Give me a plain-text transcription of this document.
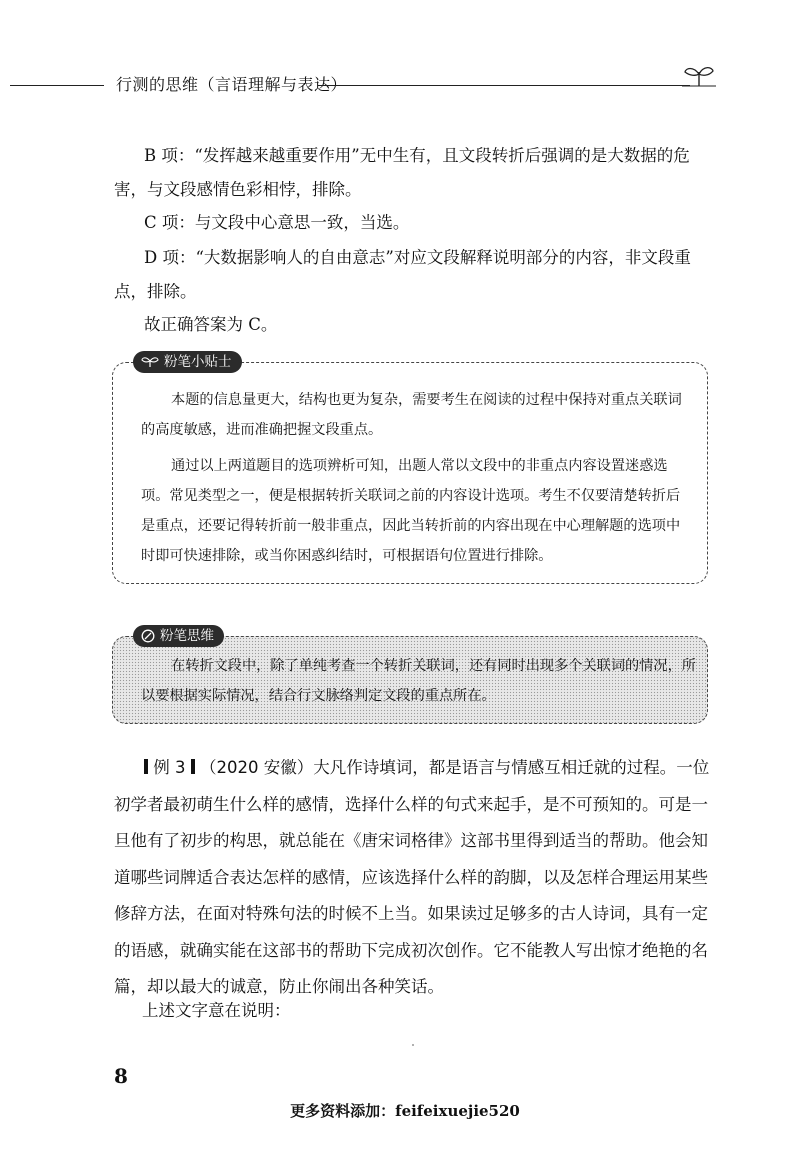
行测的思维（言语理解与表达）

B 项：“发挥越来越重要作用”无中生有，且文段转折后强调的是大数据的危害，与文段感情色彩相悖，排除。

C 项：与文段中心意思一致，当选。

D 项：“大数据影响人的自由意志”对应文段解释说明部分的内容，非文段重点，排除。

故正确答案为 C。

粉笔小贴士

本题的信息量更大，结构也更为复杂，需要考生在阅读的过程中保持对重点关联词的高度敏感，进而准确把握文段重点。

通过以上两道题目的选项辨析可知，出题人常以文段中的非重点内容设置迷惑选项。常见类型之一，便是根据转折关联词之前的内容设计选项。考生不仅要清楚转折后是重点，还要记得转折前一般非重点，因此当转折前的内容出现在中心理解题的选项中时即可快速排除，或当你困惑纠结时，可根据语句位置进行排除。

粉笔思维

在转折文段中，除了单纯考查一个转折关联词，还有同时出现多个关联词的情况，所以要根据实际情况，结合行文脉络判定文段的重点所在。

例 3 （2020 安徽）大凡作诗填词，都是语言与情感互相迁就的过程。一位初学者最初萌生什么样的感情，选择什么样的句式来起手，是不可预知的。可是一旦他有了初步的构思，就总能在《唐宋词格律》这部书里得到适当的帮助。他会知道哪些词牌适合表达怎样的感情，应该选择什么样的韵脚，以及怎样合理运用某些修辞方法，在面对特殊句法的时候不上当。如果读过足够多的古人诗词，具有一定的语感，就确实能在这部书的帮助下完成初次创作。它不能教人写出惊才绝艳的名篇，却以最大的诚意，防止你闹出各种笑话。

上述文字意在说明：
8
更多资料添加：feifeixuejie520
